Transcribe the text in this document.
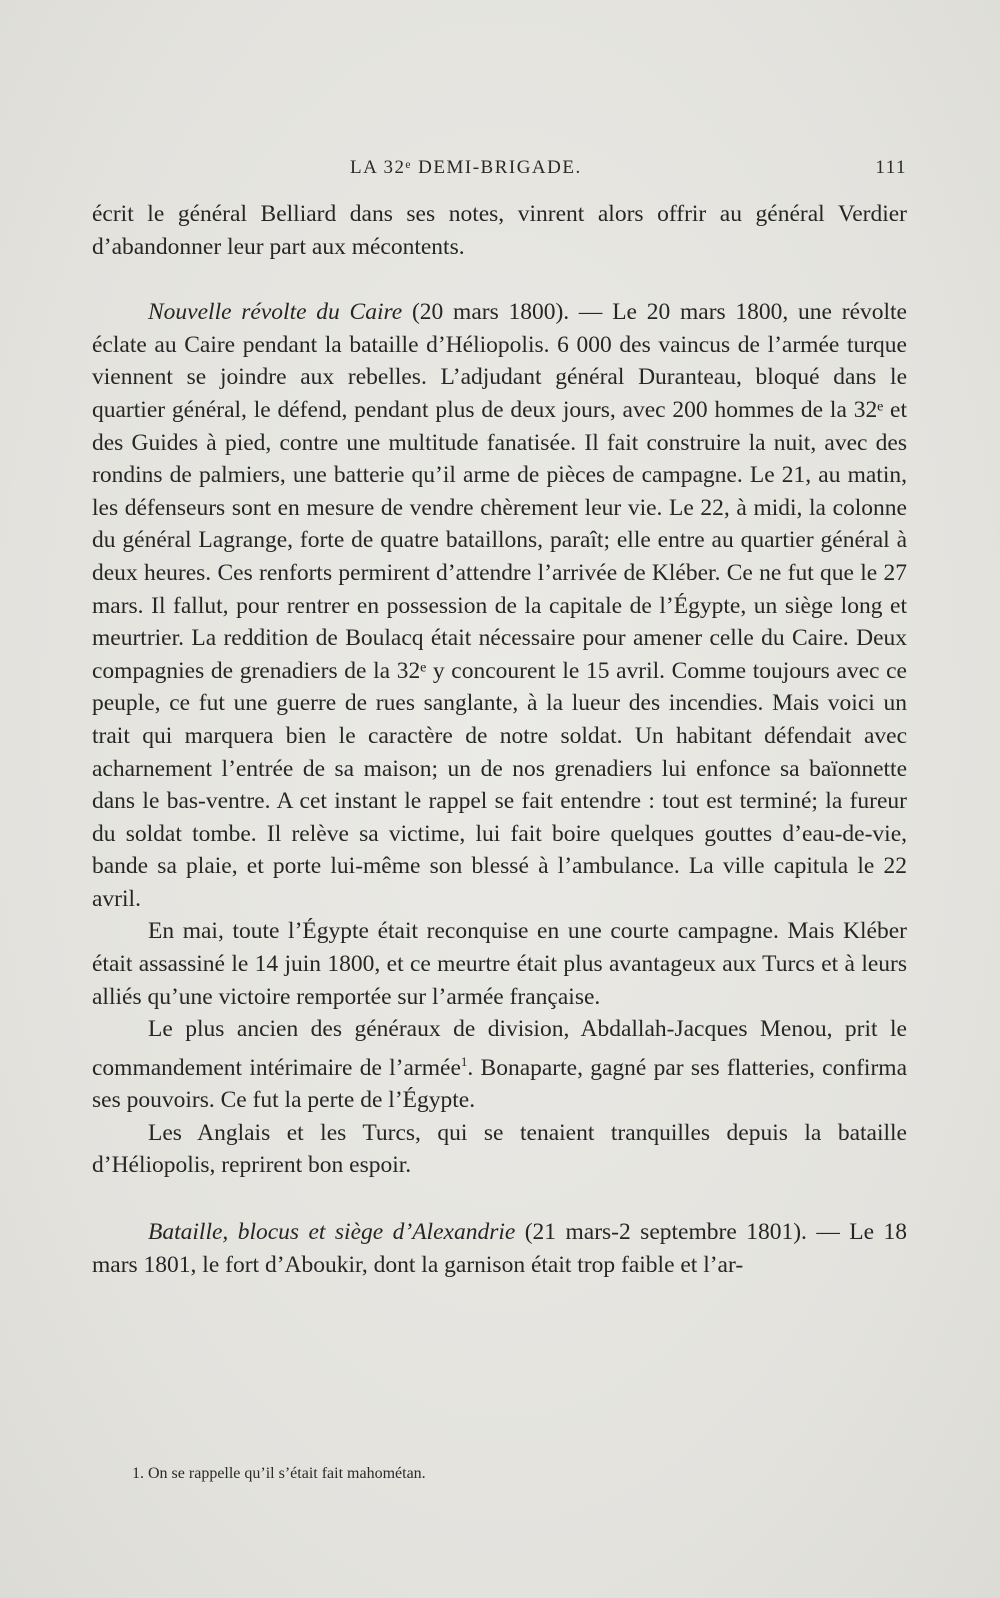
LA 32ᵉ DEMI-BRIGADE.	111

écrit le général Belliard dans ses notes, vinrent alors offrir au général Verdier d’abandonner leur part aux mécontents.

Nouvelle révolte du Caire (20 mars 1800). — Le 20 mars 1800, une révolte éclate au Caire pendant la bataille d’Héliopolis. 6 000 des vaincus de l’armée turque viennent se joindre aux rebelles. L’adjudant général Duranteau, bloqué dans le quartier général, le défend, pendant plus de deux jours, avec 200 hommes de la 32ᵉ et des Guides à pied, contre une multitude fanatisée. Il fait construire la nuit, avec des rondins de palmiers, une batterie qu’il arme de pièces de campagne. Le 21, au matin, les défenseurs sont en mesure de vendre chèrement leur vie. Le 22, à midi, la colonne du général Lagrange, forte de quatre bataillons, paraît; elle entre au quartier général à deux heures. Ces renforts permirent d’attendre l’arrivée de Kléber. Ce ne fut que le 27 mars. Il fallut, pour rentrer en possession de la capitale de l’Égypte, un siège long et meurtrier. La reddition de Boulacq était nécessaire pour amener celle du Caire. Deux compagnies de grenadiers de la 32ᵉ y concourent le 15 avril. Comme toujours avec ce peuple, ce fut une guerre de rues sanglante, à la lueur des incendies. Mais voici un trait qui marquera bien le caractère de notre soldat. Un habitant défendait avec acharnement l’entrée de sa maison; un de nos grenadiers lui enfonce sa baïonnette dans le bas-ventre. A cet instant le rappel se fait entendre : tout est terminé; la fureur du soldat tombe. Il relève sa victime, lui fait boire quelques gouttes d’eau-de-vie, bande sa plaie, et porte lui-même son blessé à l’ambulance. La ville capitula le 22 avril.

En mai, toute l’Égypte était reconquise en une courte campagne. Mais Kléber était assassiné le 14 juin 1800, et ce meurtre était plus avantageux aux Turcs et à leurs alliés qu’une victoire remportée sur l’armée française.

Le plus ancien des généraux de division, Abdallah-Jacques Menou, prit le commandement intérimaire de l’armée$^1$. Bonaparte, gagné par ses flatteries, confirma ses pouvoirs. Ce fut la perte de l’Égypte.

Les Anglais et les Turcs, qui se tenaient tranquilles depuis la bataille d’Héliopolis, reprirent bon espoir.

Bataille, blocus et siège d’Alexandrie (21 mars-2 septembre 1801). — Le 18 mars 1801, le fort d’Aboukir, dont la garnison était trop faible et l’ar-

1. On se rappelle qu’il s’était fait mahométan.
